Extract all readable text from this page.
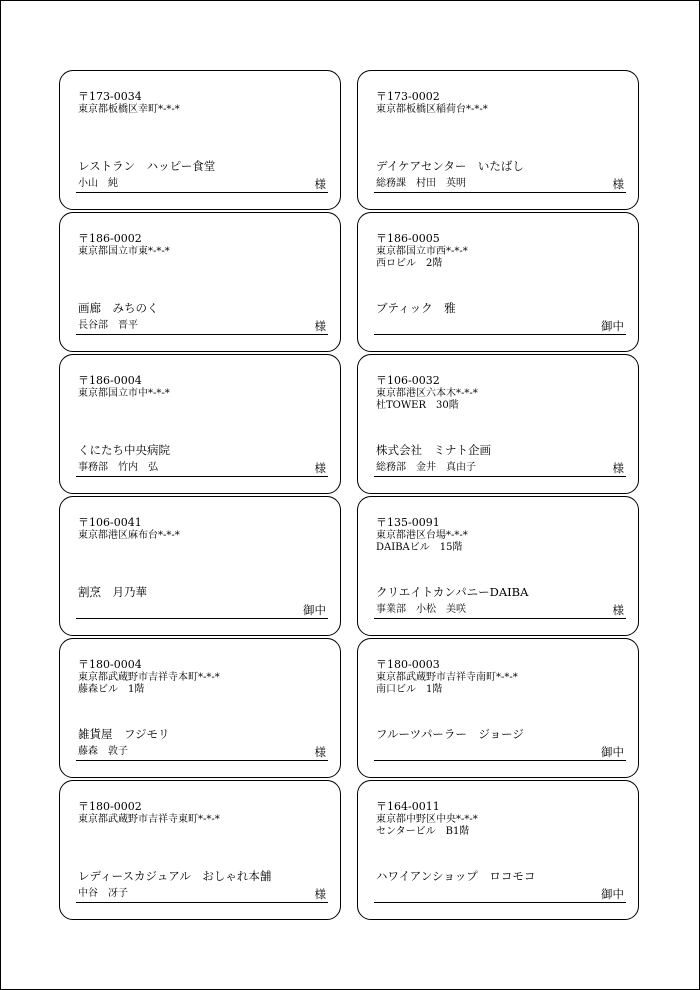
〒173-0034
東京都板橋区幸町*-*-*
レストラン　ハッピー食堂
小山　純	様
〒173-0002
東京都板橋区稲荷台*-*-*
デイケアセンター　いたばし
総務課　村田　英明	様
〒186-0002
東京都国立市東*-*-*
画廊　みちのく
長谷部　晋平	様
〒186-0005
東京都国立市西*-*-*
西ロビル　2階
ブティック　雅
御中
〒186-0004
東京都国立市中*-*-*
くにたち中央病院
事務部　竹内　弘	様
〒106-0032
東京都港区六本木*-*-*
杜TOWER　30階
株式会社　ミナト企画
総務部　金井　真由子	様
〒106-0041
東京都港区麻布台*-*-*
割烹　月乃華
御中
〒135-0091
東京都港区台場*-*-*
DAIBAビル　15階
クリエイトカンパニーDAIBA
事業部　小松　美咲	様
〒180-0004
東京都武蔵野市吉祥寺本町*-*-*
藤森ビル　1階
雑貨屋　フジモリ
藤森　敦子	様
〒180-0003
東京都武蔵野市吉祥寺南町*-*-*
南口ビル　1階
フルーツパーラー　ジョージ
御中
〒180-0002
東京都武蔵野市吉祥寺東町*-*-*
レディースカジュアル　おしゃれ本舗
中谷　冴子	様
〒164-0011
東京都中野区中央*-*-*
センタービル　B1階
ハワイアンショップ　ロコモコ
御中
